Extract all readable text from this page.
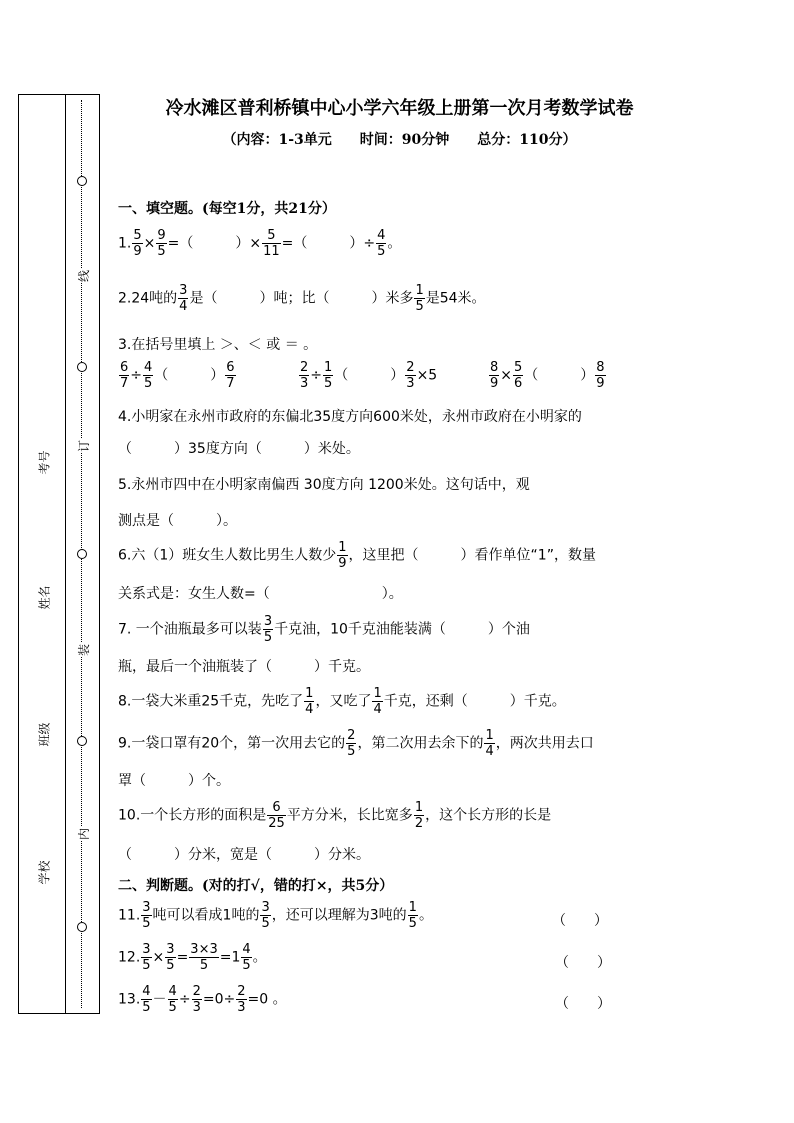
考号
姓名
班级
学校
线
订
装
内
冷水滩区普利桥镇中心小学六年级上册第一次月考数学试卷
（内容：1-3单元　　时间：90分钟　　总分：110分）
一、填空题。(每空1分，共21分）
1. $\frac{5}{9} \times \frac{9}{5}$ =（　　　）× $\frac{5}{11}$ =（　　　）÷ $\frac{4}{5}$ 。
2.24吨的 $\frac{3}{4}$ 是（　　　）吨；比（　　　）米多 $\frac{1}{5}$ 是54米。
3.在括号里填上 ＞、＜ 或 ＝ 。
$\frac{6}{7} \div \frac{4}{5}$ （　　　） $\frac{6}{7}$	$\frac{2}{3} \div \frac{1}{5}$ （　　　） $\frac{2}{3} \times 5$	$\frac{8}{9} \times \frac{5}{6}$ （　　　） $\frac{8}{9}$
4.小明家在永州市政府的东偏北35度方向600米处，永州市政府在小明家的
（　　　）35度方向（　　　）米处。
5.永州市四中在小明家南偏西 30度方向 1200米处。这句话中，观
测点是（　　　）。
6.六（1）班女生人数比男生人数少 $\frac{1}{9}$ ，这里把（　　　）看作单位“1”，数量
关系式是：女生人数=（　　　　　　　　）。
7. 一个油瓶最多可以装 $\frac{3}{5}$ 千克油，10千克油能装满（　　　）个油
瓶，最后一个油瓶装了（　　　）千克。
8.一袋大米重25千克，先吃了 $\frac{1}{4}$ ，又吃了 $\frac{1}{4}$ 千克，还剩（　　　）千克。
9.一袋口罩有20个，第一次用去它的 $\frac{2}{5}$ ，第二次用去余下的 $\frac{1}{4}$ ，两次共用去口
罩（　　　）个。
10.一个长方形的面积是 $\frac{6}{25}$ 平方分米，长比宽多 $\frac{1}{2}$ ，这个长方形的长是
（　　　）分米，宽是（　　　）分米。
二、判断题。(对的打√，错的打×，共5分）
11. $\frac{3}{5}$ 吨可以看成1吨的 $\frac{3}{5}$ ，还可以理解为3吨的 $\frac{1}{5}$ 。	（　　）
12. $\frac{3}{5} \times \frac{3}{5} = \frac{3\times 3}{5} =1 \frac{4}{5}$ 。	（　　）
13. $\frac{4}{5} - \frac{4}{5} \div \frac{2}{3} =0\div \frac{2}{3} =0$ 。	（　　）
